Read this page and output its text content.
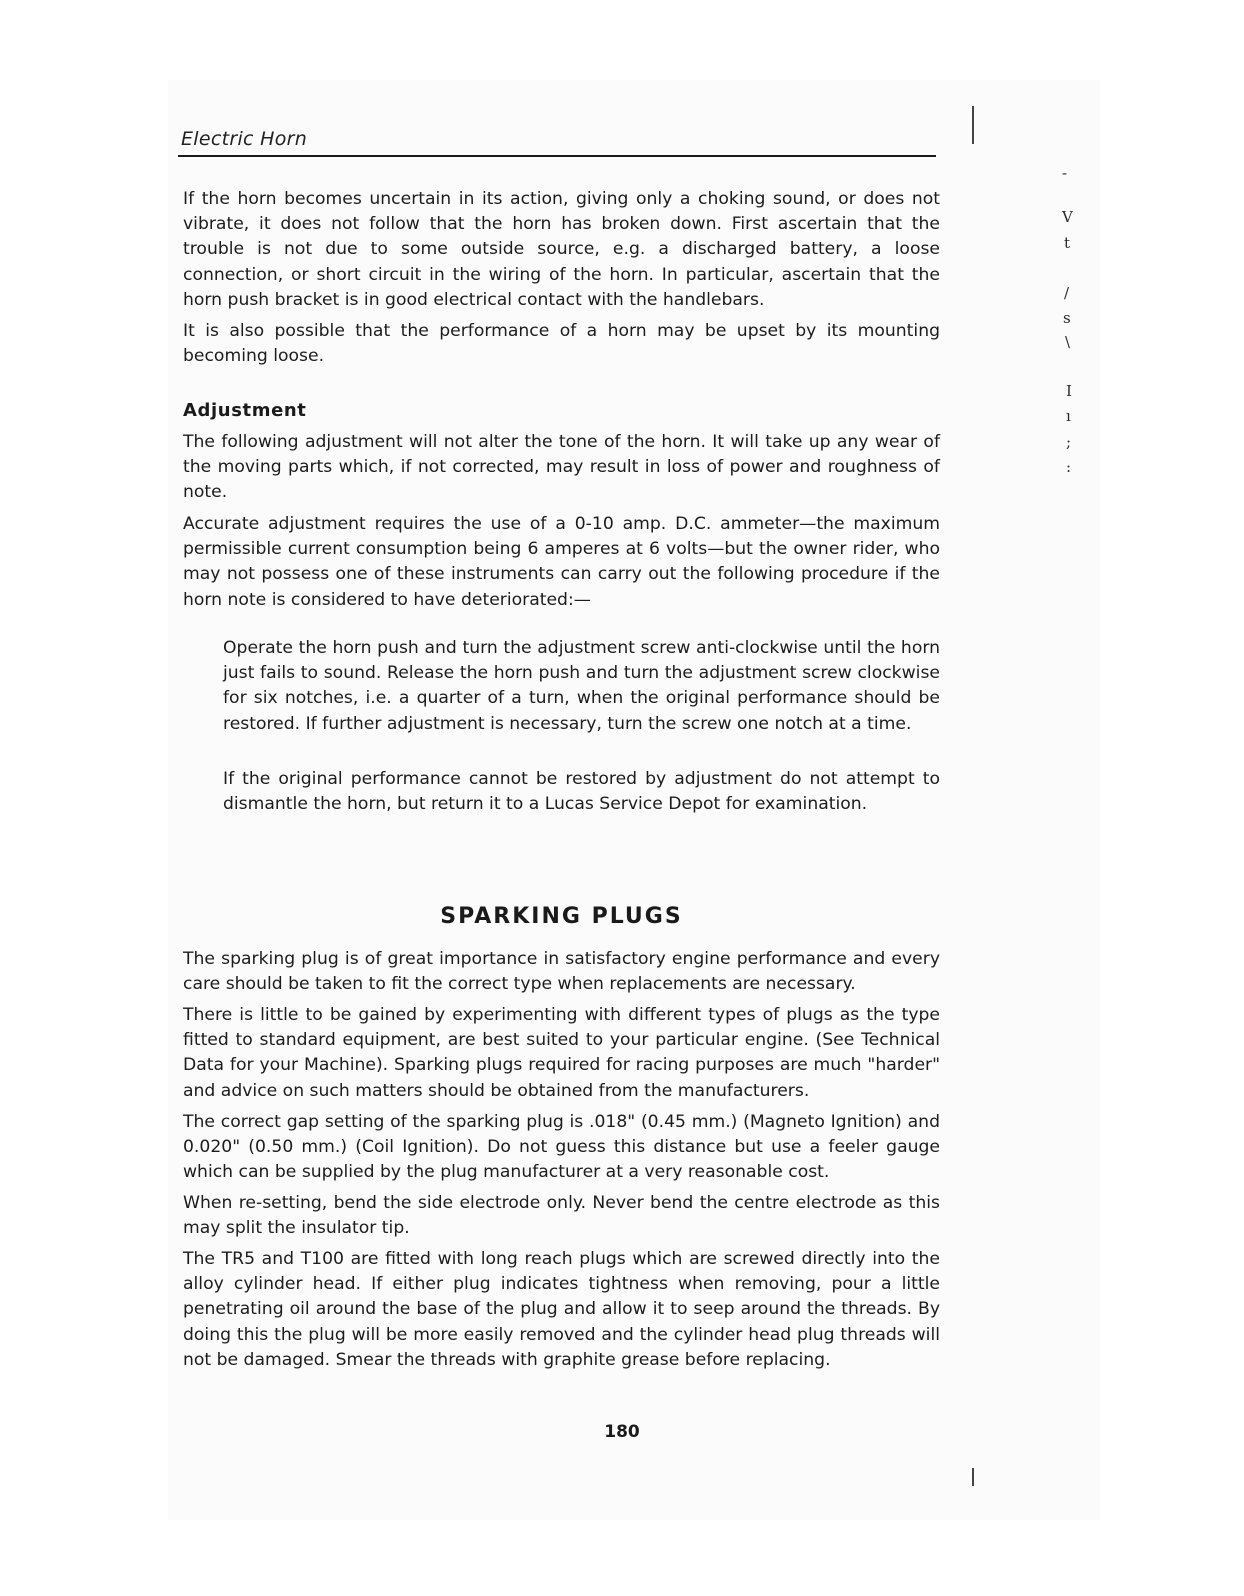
Electric Horn
If the horn becomes uncertain in its action, giving only a choking sound, or does not vibrate, it does not follow that the horn has broken down. First ascertain that the trouble is not due to some outside source, e.g. a discharged battery, a loose connection, or short circuit in the wiring of the horn. In particular, ascertain that the horn push bracket is in good electrical contact with the handlebars.
It is also possible that the performance of a horn may be upset by its mounting becoming loose.
Adjustment
The following adjustment will not alter the tone of the horn. It will take up any wear of the moving parts which, if not corrected, may result in loss of power and roughness of note.
Accurate adjustment requires the use of a 0-10 amp. D.C. ammeter—the maximum permissible current consumption being 6 amperes at 6 volts—but the owner rider, who may not possess one of these instruments can carry out the following procedure if the horn note is considered to have deteriorated:—
Operate the horn push and turn the adjustment screw anti-clockwise until the horn just fails to sound. Release the horn push and turn the adjustment screw clockwise for six notches, i.e. a quarter of a turn, when the original performance should be restored. If further adjustment is necessary, turn the screw one notch at a time.
If the original performance cannot be restored by adjustment do not attempt to dismantle the horn, but return it to a Lucas Service Depot for examination.
SPARKING PLUGS
The sparking plug is of great importance in satisfactory engine performance and every care should be taken to fit the correct type when replacements are necessary.
There is little to be gained by experimenting with different types of plugs as the type fitted to standard equipment, are best suited to your particular engine. (See Technical Data for your Machine). Sparking plugs required for racing purposes are much "harder" and advice on such matters should be obtained from the manufacturers.
The correct gap setting of the sparking plug is .018" (0.45 mm.) (Magneto Ignition) and 0.020" (0.50 mm.) (Coil Ignition). Do not guess this distance but use a feeler gauge which can be supplied by the plug manufacturer at a very reasonable cost.
When re-setting, bend the side electrode only. Never bend the centre electrode as this may split the insulator tip.
The TR5 and T100 are fitted with long reach plugs which are screwed directly into the alloy cylinder head. If either plug indicates tightness when removing, pour a little penetrating oil around the base of the plug and allow it to seep around the threads. By doing this the plug will be more easily removed and the cylinder head plug threads will not be damaged. Smear the threads with graphite grease before replacing.
180
-
V
t
/
s
\
I
ı
;
:
